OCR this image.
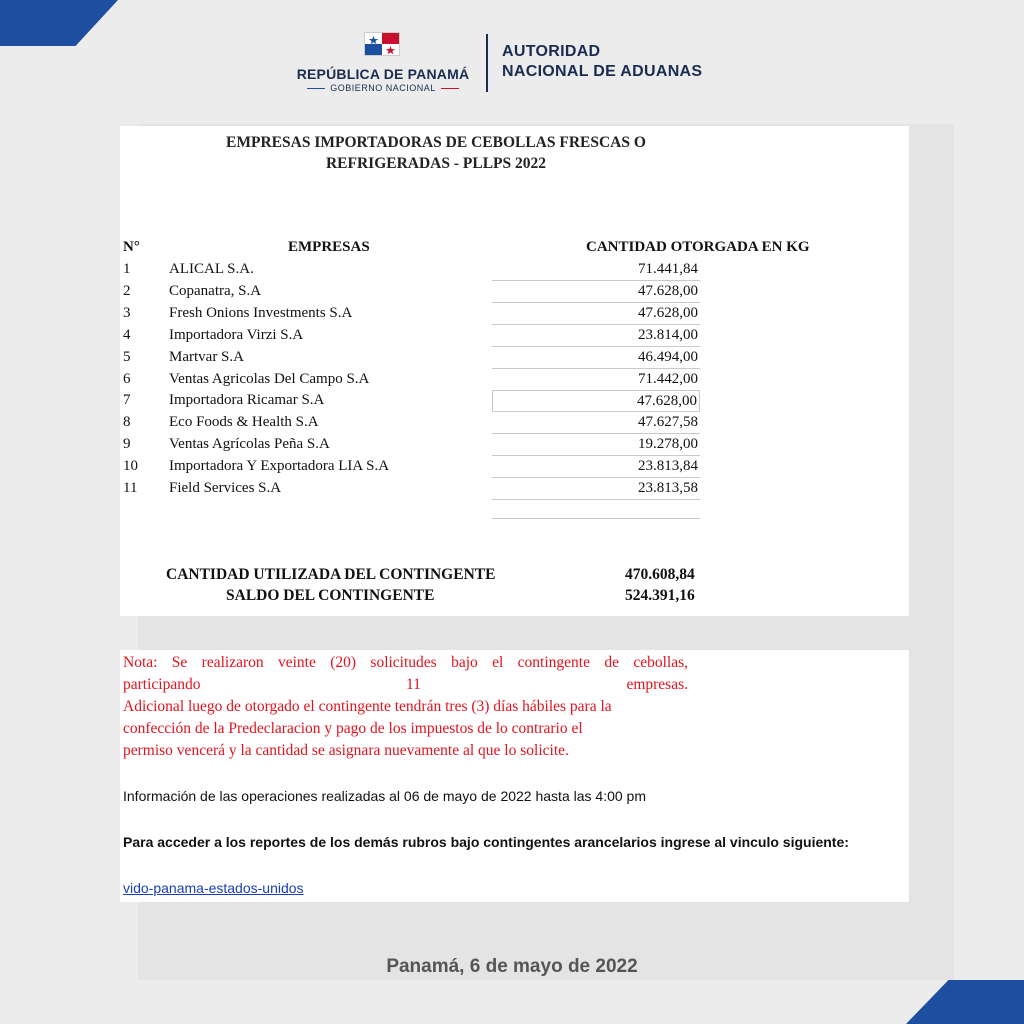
REPÚBLICA DE PANAMÁ
GOBIERNO NACIONAL
AUTORIDAD
NACIONAL DE ADUANAS
EMPRESAS IMPORTADORAS DE CEBOLLAS FRESCAS O
REFRIGERADAS - PLLPS 2022
N°	EMPRESAS	CANTIDAD OTORGADA EN KG
1	ALICAL S.A.	71.441,84
2	Copanatra, S.A	47.628,00
3	Fresh Onions Investments S.A	47.628,00
4	Importadora Virzi S.A	23.814,00
5	Martvar S.A	46.494,00
6	Ventas Agricolas Del Campo S.A	71.442,00
7	Importadora Ricamar S.A	47.628,00
8	Eco Foods & Health S.A	47.627,58
9	Ventas Agrícolas Peña S.A	19.278,00
10 Importadora Y Exportadora LIA S.A	23.813,84
11 Field Services S.A	23.813,58
CANTIDAD UTILIZADA DEL CONTINGENTE	470.608,84
SALDO DEL CONTINGENTE	524.391,16
Nota: Se realizaron veinte (20) solicitudes bajo el contingente de cebollas,
participando	11	empresas.
Adicional luego de otorgado el contingente tendrán tres (3) días hábiles para la
confección de la Predeclaracion y pago de los impuestos de lo contrario el
permiso vencerá y la cantidad se asignara nuevamente al que lo solicite.
Información de las operaciones realizadas al 06 de mayo de 2022 hasta las 4:00 pm
Para acceder a los reportes de los demás rubros bajo contingentes arancelarios ingrese al vinculo siguiente:
vido-panama-estados-unidos
Panamá, 6 de mayo de 2022
